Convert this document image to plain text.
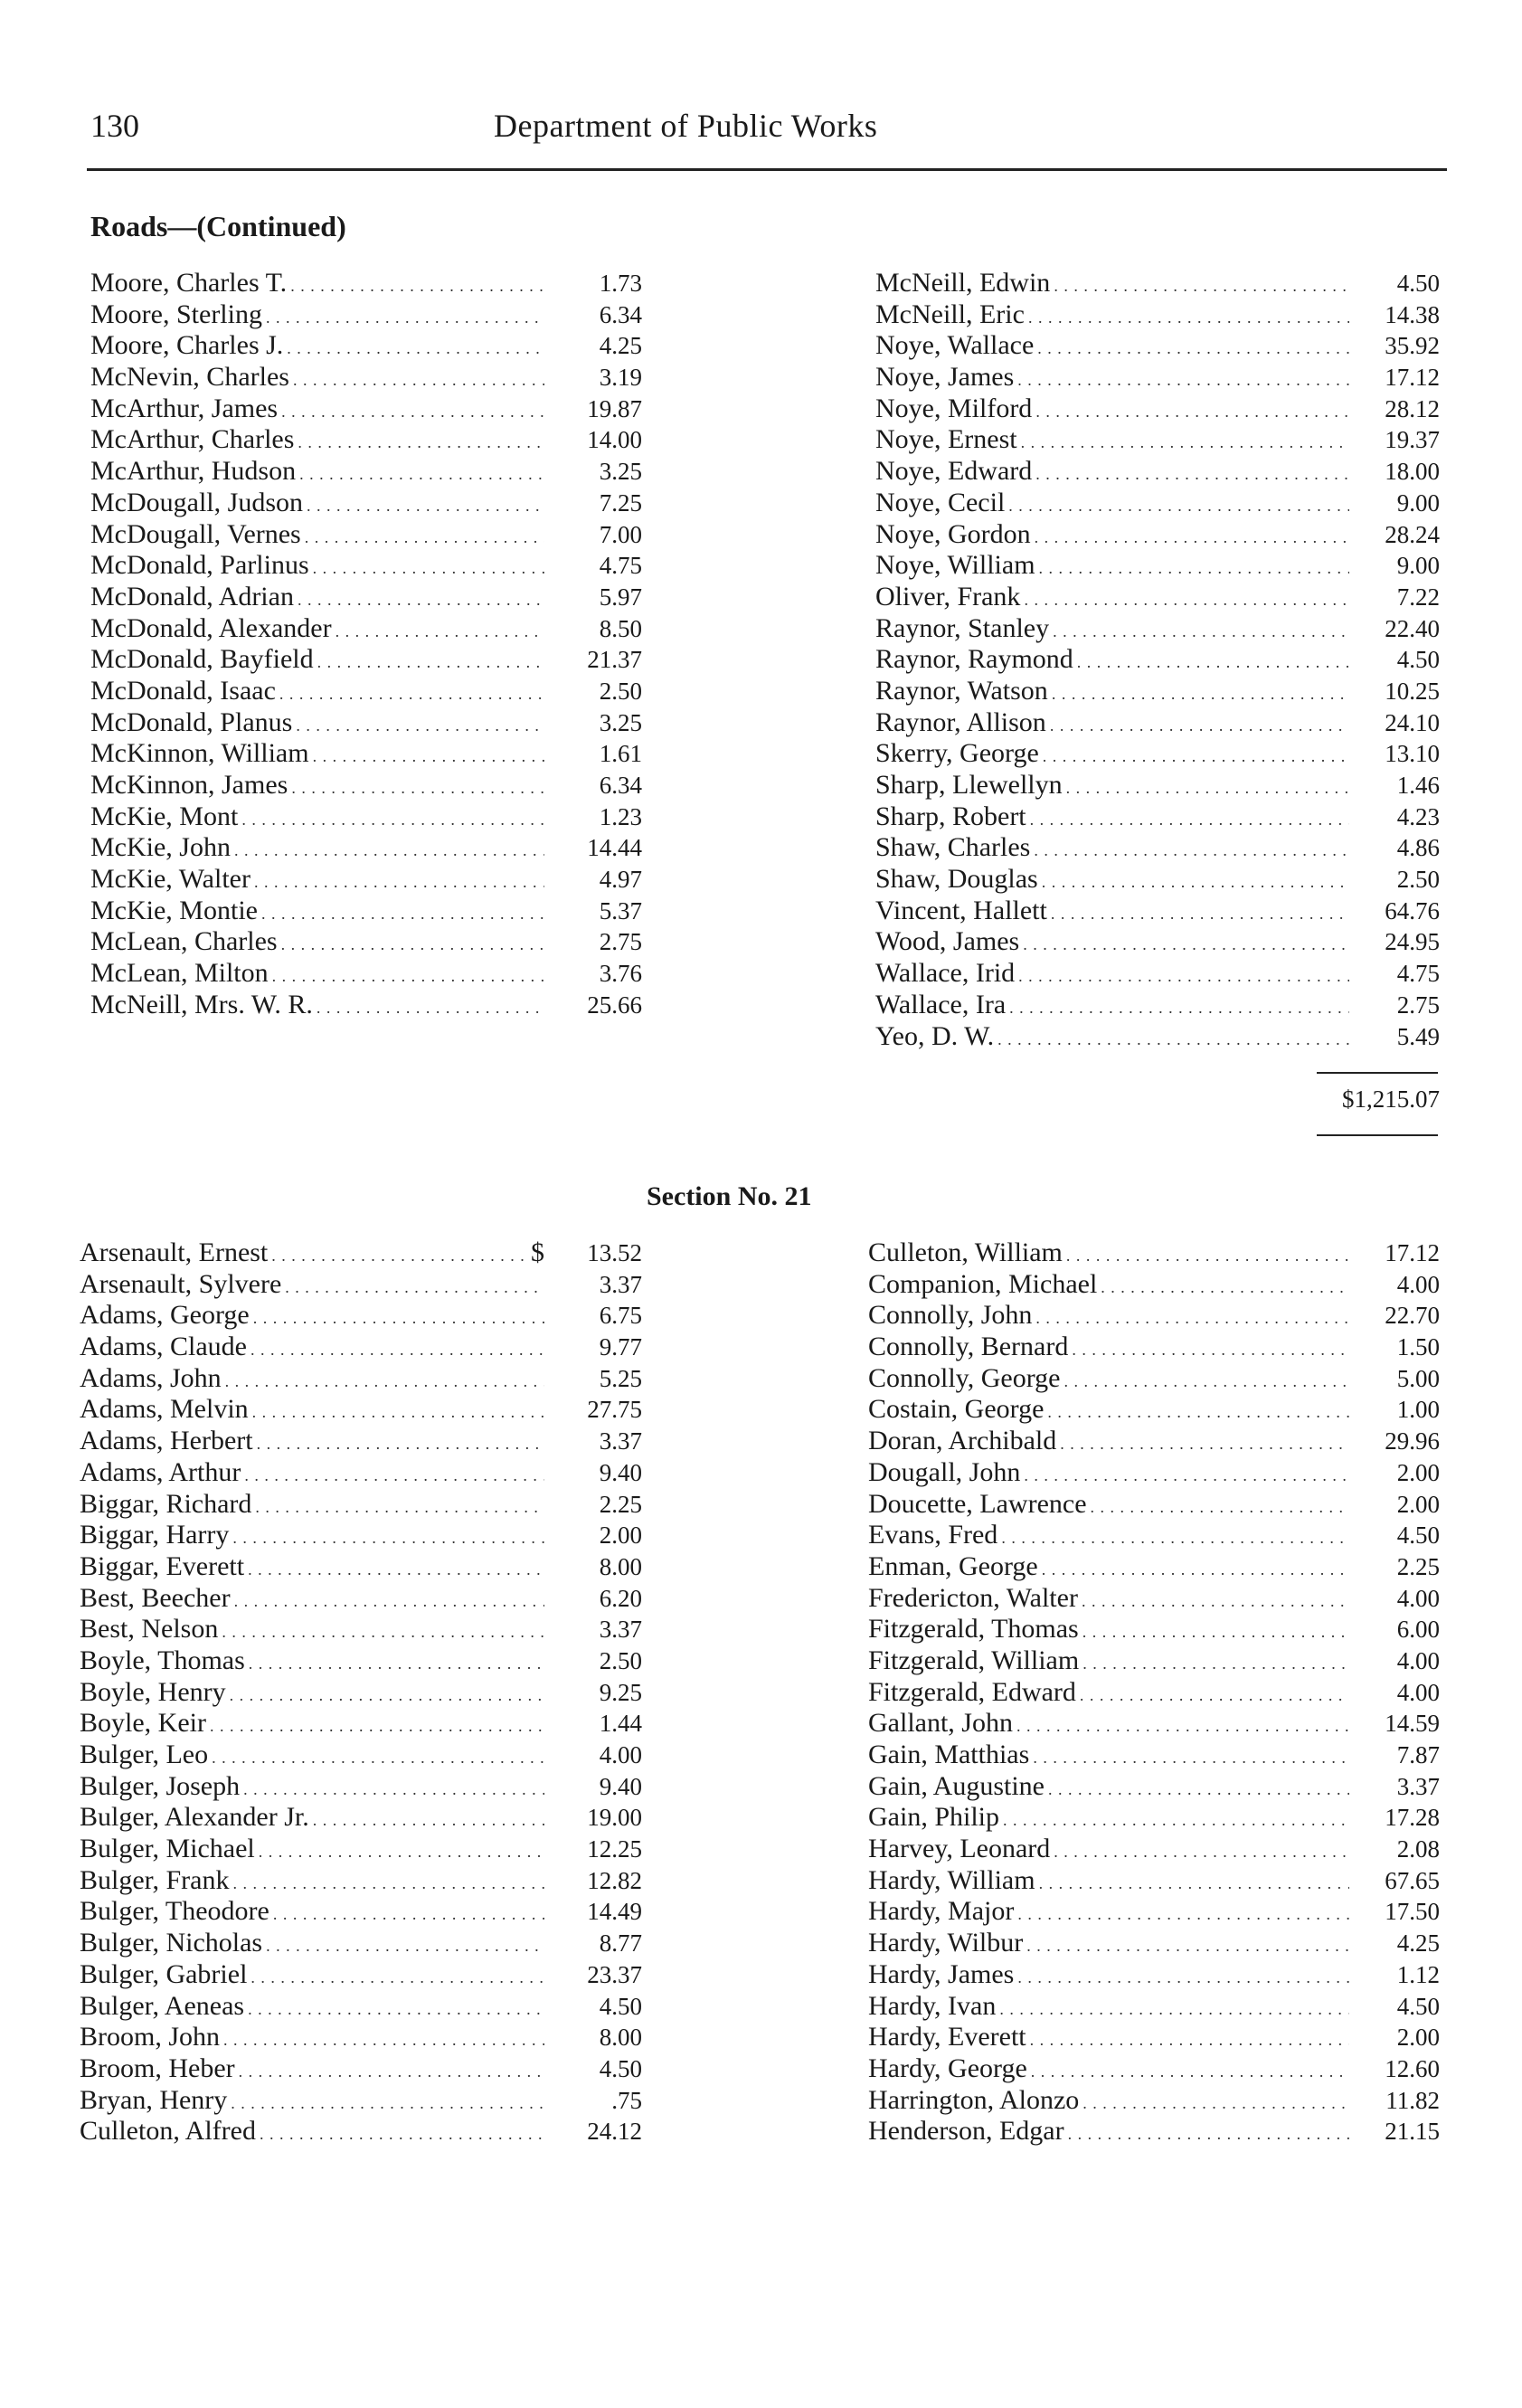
130	Department of Public Works
Roads—(Continued)
Moore, Charles T. . . .	1.73
Moore, Sterling . . .	6.34
Moore, Charles J. . . .	4.25
McNevin, Charles . . .	3.19
McArthur, James . . .	19.87
McArthur, Charles . . .	14.00
McArthur, Hudson . . .	3.25
McDougall, Judson . . .	7.25
McDougall, Vernes . . .	7.00
McDonald, Parlinus . . .	4.75
McDonald, Adrian . . .	5.97
McDonald, Alexander . . .	8.50
McDonald, Bayfield . . .	21.37
McDonald, Isaac . . .	2.50
McDonald, Planus . . .	3.25
McKinnon, William . . .	1.61
McKinnon, James . . .	6.34
McKie, Mont . . .	1.23
McKie, John . . .	14.44
McKie, Walter . . .	4.97
McKie, Montie . . .	5.37
McLean, Charles . . .	2.75
McLean, Milton . . .	3.76
McNeill, Mrs. W. R. . . .	25.66
McNeill, Edwin . . .	4.50
McNeill, Eric . . .	14.38
Noye, Wallace . . .	35.92
Noye, James . . .	17.12
Noye, Milford . . .	28.12
Noye, Ernest . . .	19.37
Noye, Edward . . .	18.00
Noye, Cecil . . .	9.00
Noye, Gordon . . .	28.24
Noye, William . . .	9.00
Oliver, Frank . . .	7.22
Raynor, Stanley . . .	22.40
Raynor, Raymond . . .	4.50
Raynor, Watson . . .	10.25
Raynor, Allison . . .	24.10
Skerry, George . . .	13.10
Sharp, Llewellyn . . .	1.46
Sharp, Robert . . .	4.23
Shaw, Charles . . .	4.86
Shaw, Douglas . . .	2.50
Vincent, Hallett . . .	64.76
Wood, James . . .	24.95
Wallace, Irid . . .	4.75
Wallace, Ira . . .	2.75
Yeo, D. W. . . .	5.49
$1,215.07
Section No. 21
Arsenault, Ernest . . .	$	13.52
Arsenault, Sylvere . . .	3.37
Adams, George . . .	6.75
Adams, Claude . . .	9.77
Adams, John . . .	5.25
Adams, Melvin . . .	27.75
Adams, Herbert . . .	3.37
Adams, Arthur . . .	9.40
Biggar, Richard . . .	2.25
Biggar, Harry . . .	2.00
Biggar, Everett . . .	8.00
Best, Beecher . . .	6.20
Best, Nelson . . .	3.37
Boyle, Thomas . . .	2.50
Boyle, Henry . . .	9.25
Boyle, Keir . . .	1.44
Bulger, Leo . . .	4.00
Bulger, Joseph . . .	9.40
Bulger, Alexander Jr. . . .	19.00
Bulger, Michael . . .	12.25
Bulger, Frank . . .	12.82
Bulger, Theodore . . .	14.49
Bulger, Nicholas . . .	8.77
Bulger, Gabriel . . .	23.37
Bulger, Aeneas . . .	4.50
Broom, John . . .	8.00
Broom, Heber . . .	4.50
Bryan, Henry . . .	.75
Culleton, Alfred . . .	24.12
Culleton, William . . .	17.12
Companion, Michael . . .	4.00
Connolly, John . . .	22.70
Connolly, Bernard . . .	1.50
Connolly, George . . .	5.00
Costain, George . . .	1.00
Doran, Archibald . . .	29.96
Dougall, John . . .	2.00
Doucette, Lawrence . . .	2.00
Evans, Fred . . .	4.50
Enman, George . . .	2.25
Fredericton, Walter . . .	4.00
Fitzgerald, Thomas . . .	6.00
Fitzgerald, William . . .	4.00
Fitzgerald, Edward . . .	4.00
Gallant, John . . .	14.59
Gain, Matthias . . .	7.87
Gain, Augustine . . .	3.37
Gain, Philip . . .	17.28
Harvey, Leonard . . .	2.08
Hardy, William . . .	67.65
Hardy, Major . . .	17.50
Hardy, Wilbur . . .	4.25
Hardy, James . . .	1.12
Hardy, Ivan . . .	4.50
Hardy, Everett . . .	2.00
Hardy, George . . .	12.60
Harrington, Alonzo . . .	11.82
Henderson, Edgar . . .	21.15
